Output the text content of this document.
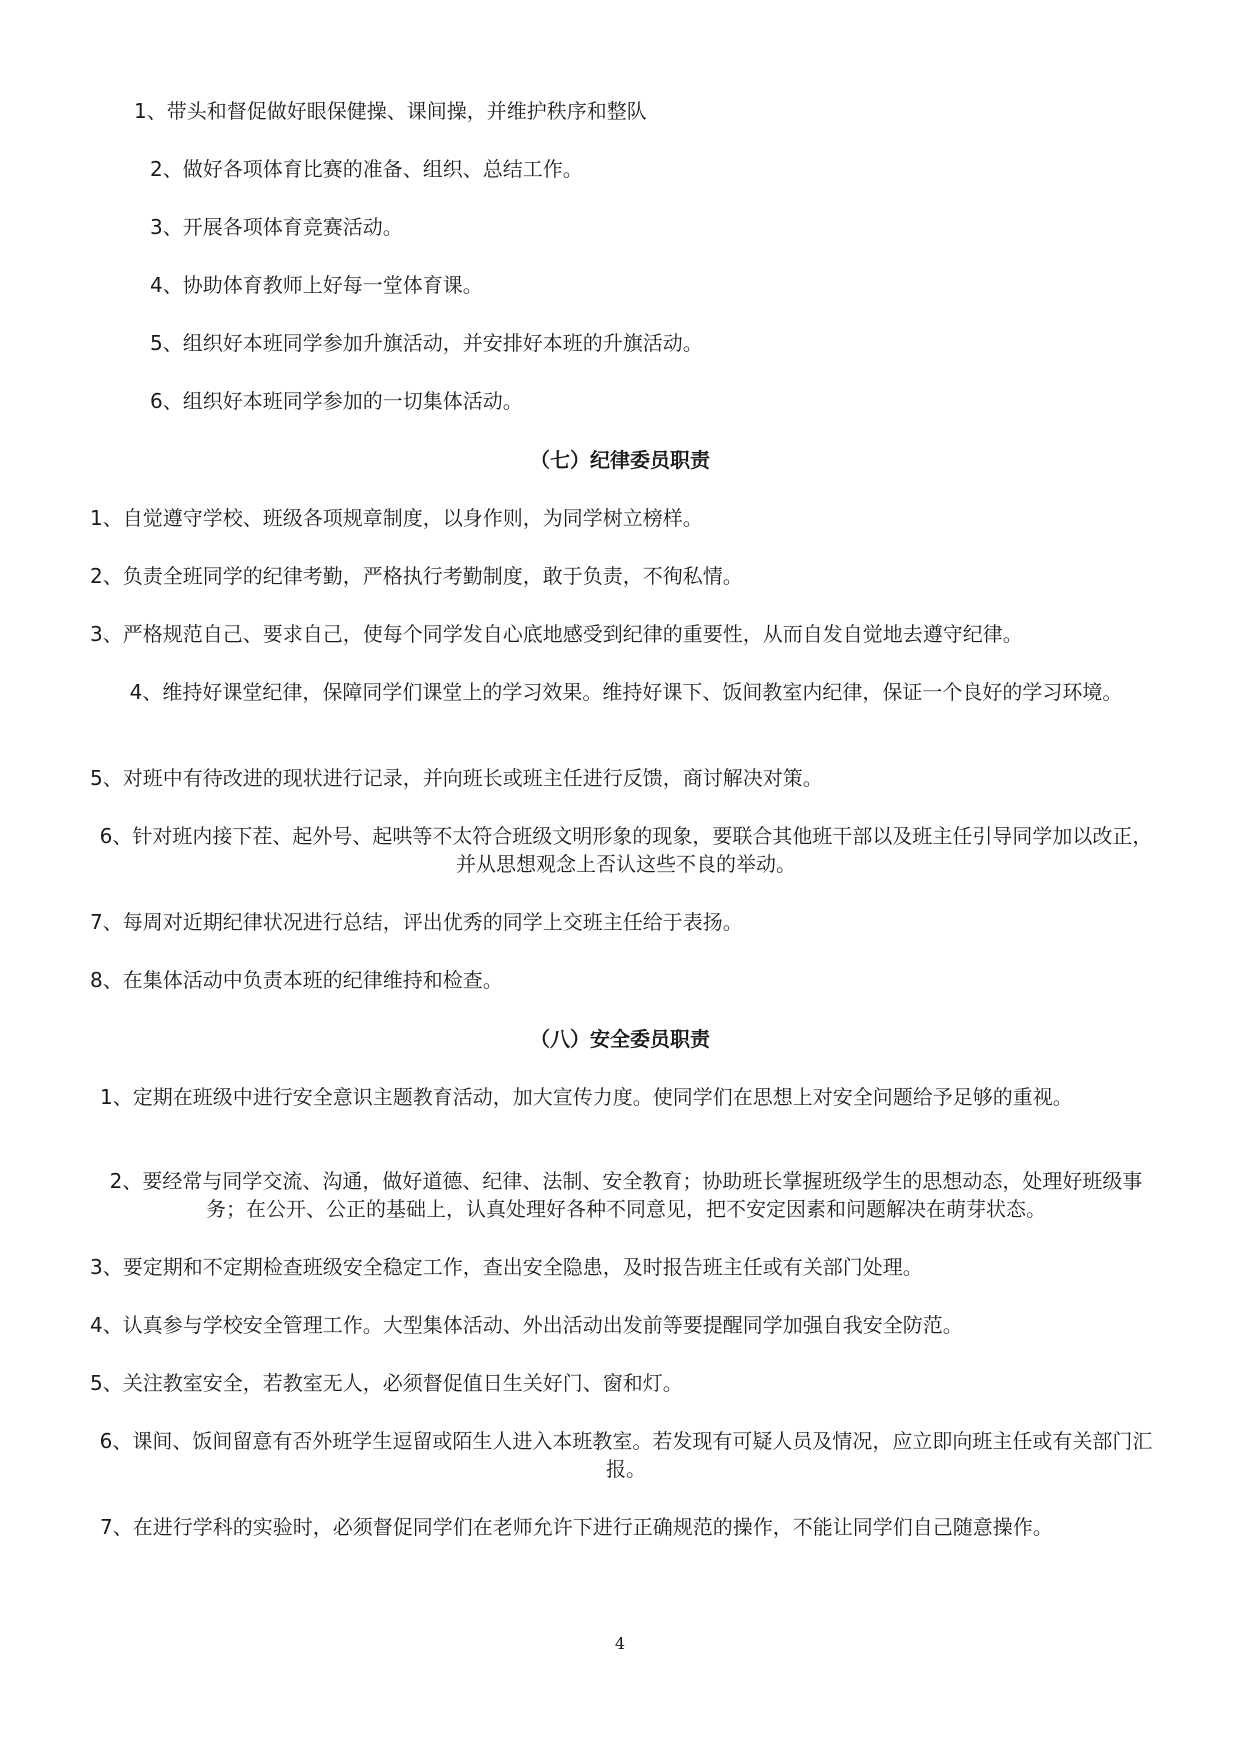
1、带头和督促做好眼保健操、课间操，并维护秩序和整队
2、做好各项体育比赛的准备、组织、总结工作。
3、开展各项体育竞赛活动。
4、协助体育教师上好每一堂体育课。
5、组织好本班同学参加升旗活动，并安排好本班的升旗活动。
6、组织好本班同学参加的一切集体活动。
（七）纪律委员职责
1、自觉遵守学校、班级各项规章制度，以身作则，为同学树立榜样。
2、负责全班同学的纪律考勤，严格执行考勤制度，敢于负责，不徇私情。
3、严格规范自己、要求自己，使每个同学发自心底地感受到纪律的重要性，从而自发自觉地去遵守纪律。
4、维持好课堂纪律，保障同学们课堂上的学习效果。维持好课下、饭间教室内纪律，保证一个良好的学习环境。
5、对班中有待改进的现状进行记录，并向班长或班主任进行反馈，商讨解决对策。
6、针对班内接下茬、起外号、起哄等不太符合班级文明形象的现象，要联合其他班干部以及班主任引导同学加以改正，并从思想观念上否认这些不良的举动。
7、每周对近期纪律状况进行总结，评出优秀的同学上交班主任给于表扬。
8、在集体活动中负责本班的纪律维持和检查。
（八）安全委员职责
1、定期在班级中进行安全意识主题教育活动，加大宣传力度。使同学们在思想上对安全问题给予足够的重视。
2、要经常与同学交流、沟通，做好道德、纪律、法制、安全教育；协助班长掌握班级学生的思想动态，处理好班级事务；在公开、公正的基础上，认真处理好各种不同意见，把不安定因素和问题解决在萌芽状态。
3、要定期和不定期检查班级安全稳定工作，查出安全隐患，及时报告班主任或有关部门处理。
4、认真参与学校安全管理工作。大型集体活动、外出活动出发前等要提醒同学加强自我安全防范。
5、关注教室安全，若教室无人，必须督促值日生关好门、窗和灯。
6、课间、饭间留意有否外班学生逗留或陌生人进入本班教室。若发现有可疑人员及情况，应立即向班主任或有关部门汇报。
7、在进行学科的实验时，必须督促同学们在老师允许下进行正确规范的操作，不能让同学们自己随意操作。
4
